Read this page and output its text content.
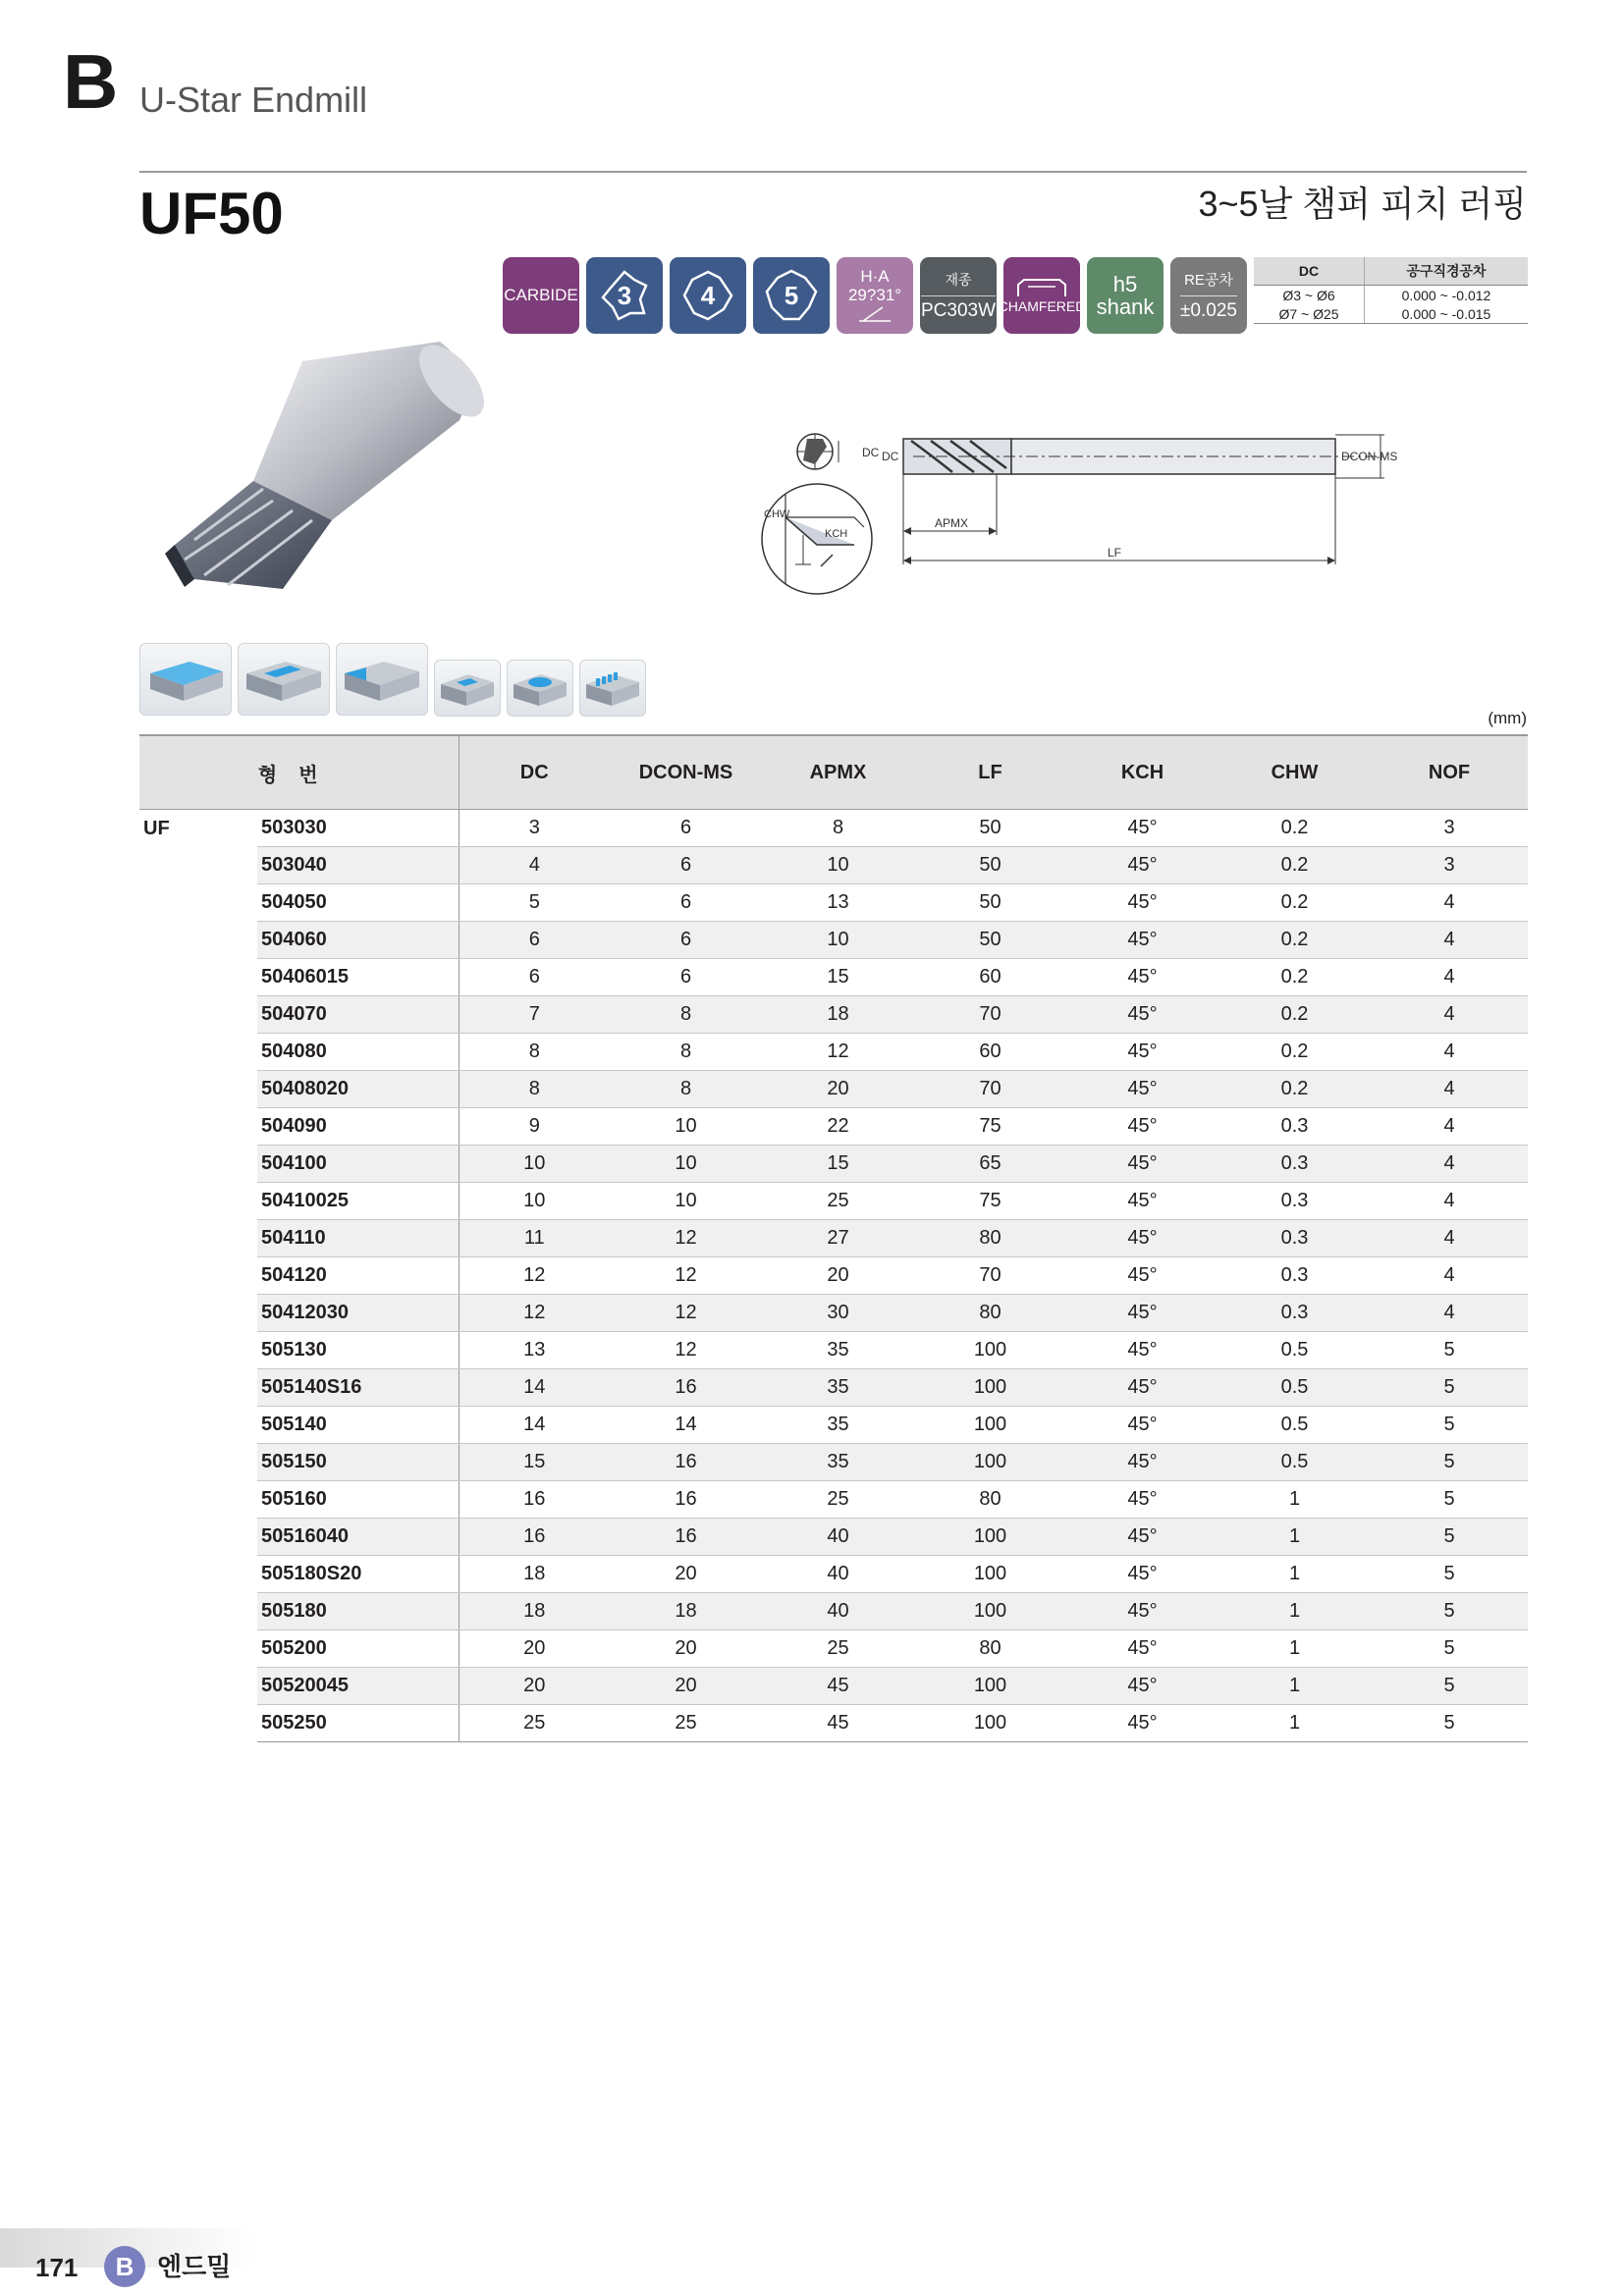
B U-Star Endmill
UF50	3~5날 챔퍼 피치 러핑
CARBIDE 3	4	5
H·A
29?31°
재종
PC303W CHAMFERED
h5
shank
RE공차
±0.025
DC	공구직경공차
Ø3 ~ Ø6	0.000 ~ -0.012
Ø7 ~ Ø25	0.000 ~ -0.015
DC DC	DCON-MS
APMX
LF
CHW
KCH
(mm)
형번		DC	DCON-MS	APMX	LF	KCH	CHW	NOF
UF	503030	3	6	8	50	45°	0.2	3
	503040	4	6	10	50	45°	0.2	3
	504050	5	6	13	50	45°	0.2	4
	504060	6	6	10	50	45°	0.2	4
	50406015	6	6	15	60	45°	0.2	4
	504070	7	8	18	70	45°	0.2	4
	504080	8	8	12	60	45°	0.2	4
	50408020	8	8	20	70	45°	0.2	4
	504090	9	10	22	75	45°	0.3	4
	504100	10	10	15	65	45°	0.3	4
	50410025	10	10	25	75	45°	0.3	4
	504110	11	12	27	80	45°	0.3	4
	504120	12	12	20	70	45°	0.3	4
	50412030	12	12	30	80	45°	0.3	4
	505130	13	12	35	100	45°	0.5	5
	505140S16	14	16	35	100	45°	0.5	5
	505140	14	14	35	100	45°	0.5	5
	505150	15	16	35	100	45°	0.5	5
	505160	16	16	25	80	45°	1	5
	50516040	16	16	40	100	45°	1	5
	505180S20	18	20	40	100	45°	1	5
	505180	18	18	40	100	45°	1	5
	505200	20	20	25	80	45°	1	5
	50520045	20	20	45	100	45°	1	5
	505250	25	25	45	100	45°	1	5
171	B 엔드밀
